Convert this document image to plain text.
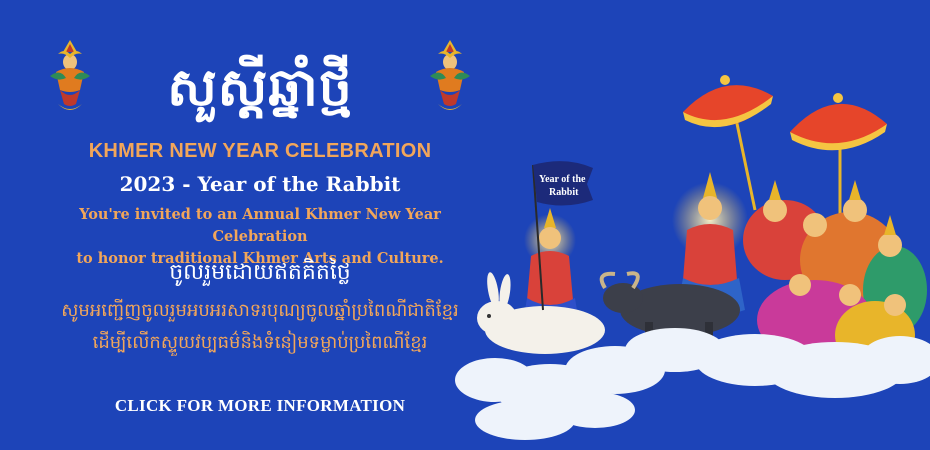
សួស្តីឆ្នាំថ្មី
KHMER NEW YEAR CELEBRATION
2023 - Year of the Rabbit
You're invited to an Annual Khmer New Year Celebration
to honor traditional Khmer Arts and Culture.
ចូលរួមដោយឥតគិតថ្លៃ
សូមអញ្ជើញចូលរួមអបអរសាទរបុណ្យចូលឆ្នាំប្រពៃណីជាតិខ្មែរ
ដើម្បីលើកស្ទួយវប្បធម៌និងទំនៀមទម្លាប់ប្រពៃណីខ្មែរ
CLICK FOR MORE INFORMATION
Year of the
Rabbit
